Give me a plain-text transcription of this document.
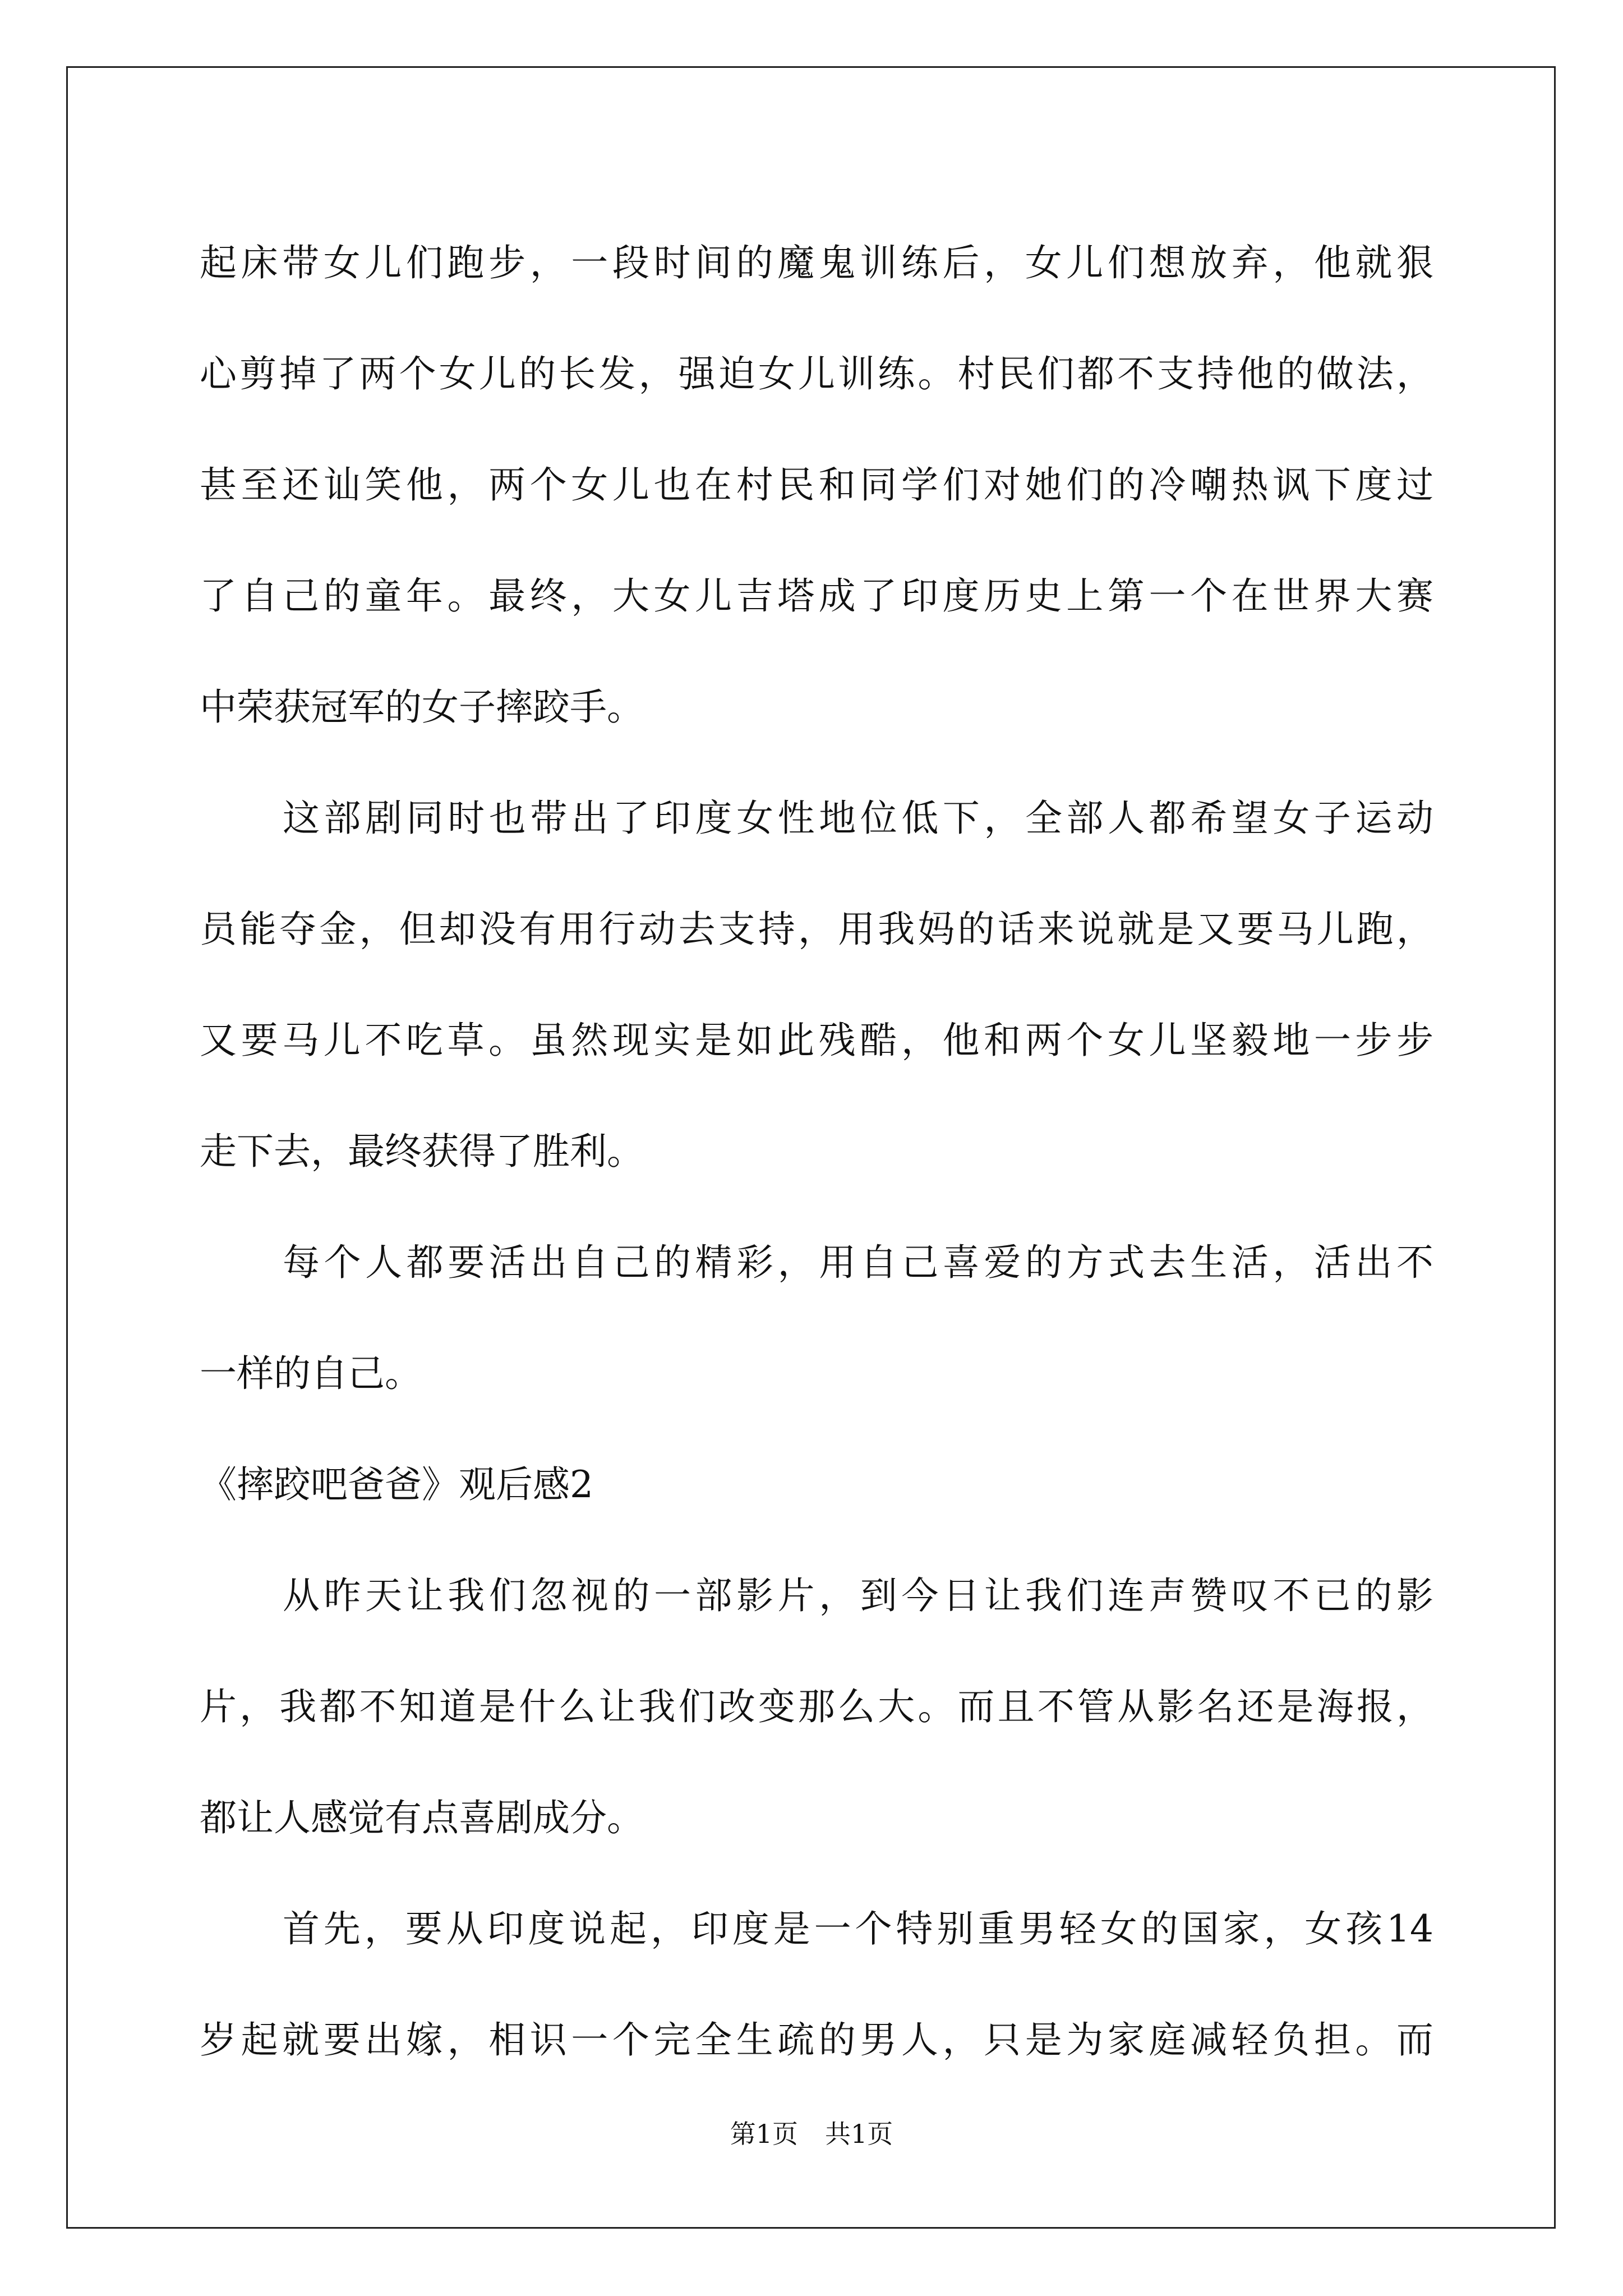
起床带女儿们跑步，一段时间的魔鬼训练后，女儿们想放弃，他就狠
心剪掉了两个女儿的长发，强迫女儿训练。村民们都不支持他的做法，
甚至还讪笑他，两个女儿也在村民和同学们对她们的冷嘲热讽下度过
了自己的童年。最终，大女儿吉塔成了印度历史上第一个在世界大赛
中荣获冠军的女子摔跤手。
这部剧同时也带出了印度女性地位低下，全部人都希望女子运动
员能夺金，但却没有用行动去支持，用我妈的话来说就是又要马儿跑，
又要马儿不吃草。虽然现实是如此残酷，他和两个女儿坚毅地一步步
走下去，最终获得了胜利。
每个人都要活出自己的精彩，用自己喜爱的方式去生活，活出不
一样的自己。
《摔跤吧爸爸》观后感2
从昨天让我们忽视的一部影片，到今日让我们连声赞叹不已的影
片，我都不知道是什么让我们改变那么大。而且不管从影名还是海报，
都让人感觉有点喜剧成分。
首先，要从印度说起，印度是一个特别重男轻女的国家，女孩14
岁起就要出嫁，相识一个完全生疏的男人，只是为家庭减轻负担。而
第1页 共1页
